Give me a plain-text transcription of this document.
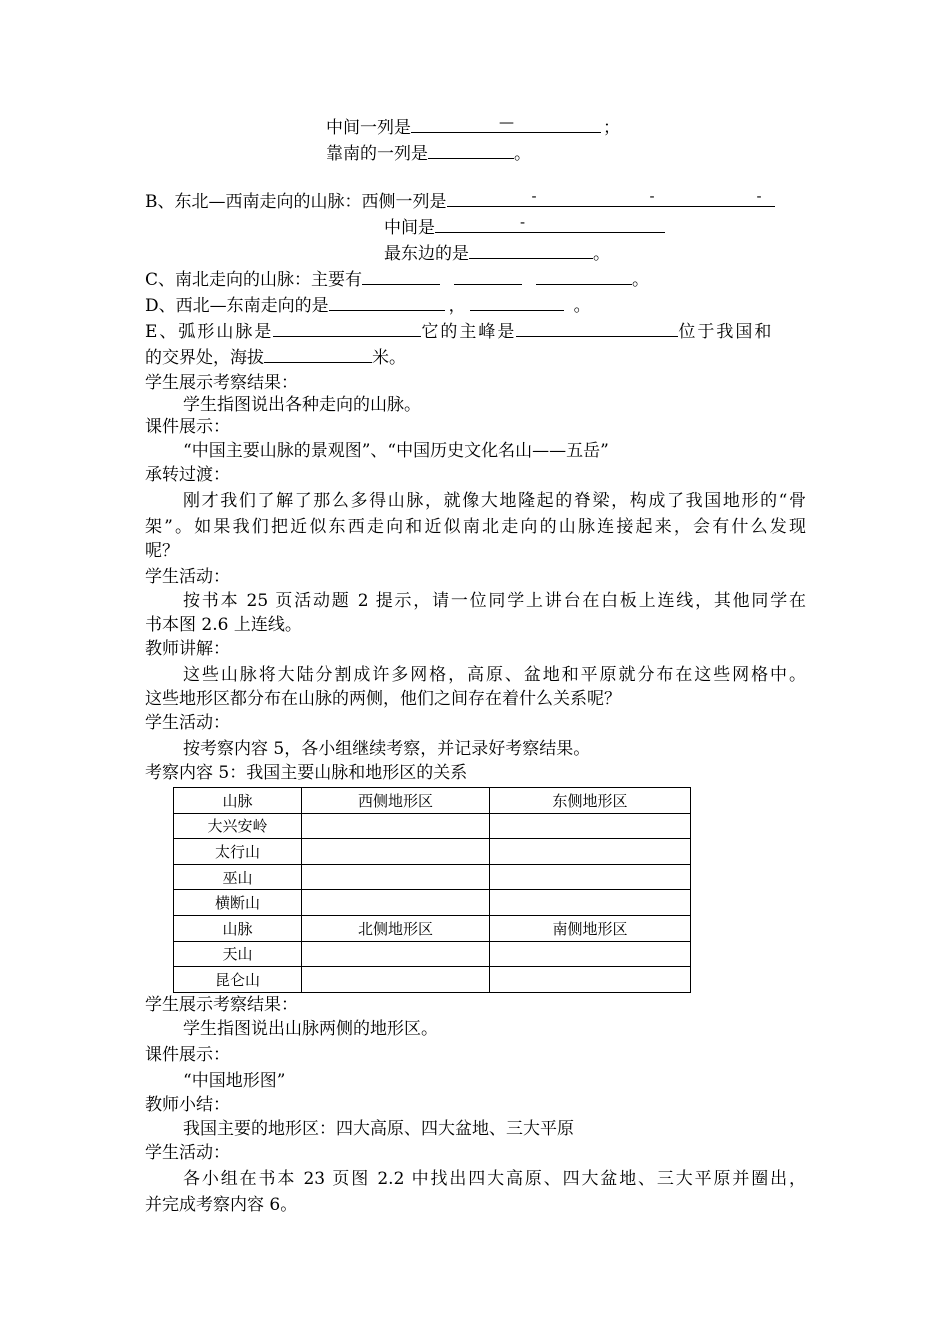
中间一列是	—	；
靠南的一列是	。
B、东北—西南走向的山脉：西侧一列是	-	-	-
中间是	-
最东边的是	。
C、南北走向的山脉：主要有	。
D、西北—东南走向的是	，	。
E、弧形山脉是	它的主峰是	位于我国和
的交界处，海拔	米。
学生展示考察结果：
学生指图说出各种走向的山脉。
课件展示：
“中国主要山脉的景观图”、“中国历史文化名山——五岳”
承转过渡：
刚才我们了解了那么多得山脉，就像大地隆起的脊梁，构成了我国地形的“骨
架”。如果我们把近似东西走向和近似南北走向的山脉连接起来，会有什么发现
呢？
学生活动：
按书本 25 页活动题 2 提示，请一位同学上讲台在白板上连线，其他同学在
书本图 2.6 上连线。
教师讲解：
这些山脉将大陆分割成许多网格，高原、盆地和平原就分布在这些网格中。
这些地形区都分布在山脉的两侧，他们之间存在着什么关系呢？
学生活动：
按考察内容 5，各小组继续考察，并记录好考察结果。
考察内容 5：我国主要山脉和地形区的关系
山脉	西侧地形区	东侧地形区
大兴安岭		
太行山		
巫山		
横断山		
山脉	北侧地形区	南侧地形区
天山		
昆仑山		
学生展示考察结果：
学生指图说出山脉两侧的地形区。
课件展示：
“中国地形图”
教师小结：
我国主要的地形区：四大高原、四大盆地、三大平原
学生活动：
各小组在书本 23 页图 2.2 中找出四大高原、四大盆地、三大平原并圈出，
并完成考察内容 6。
